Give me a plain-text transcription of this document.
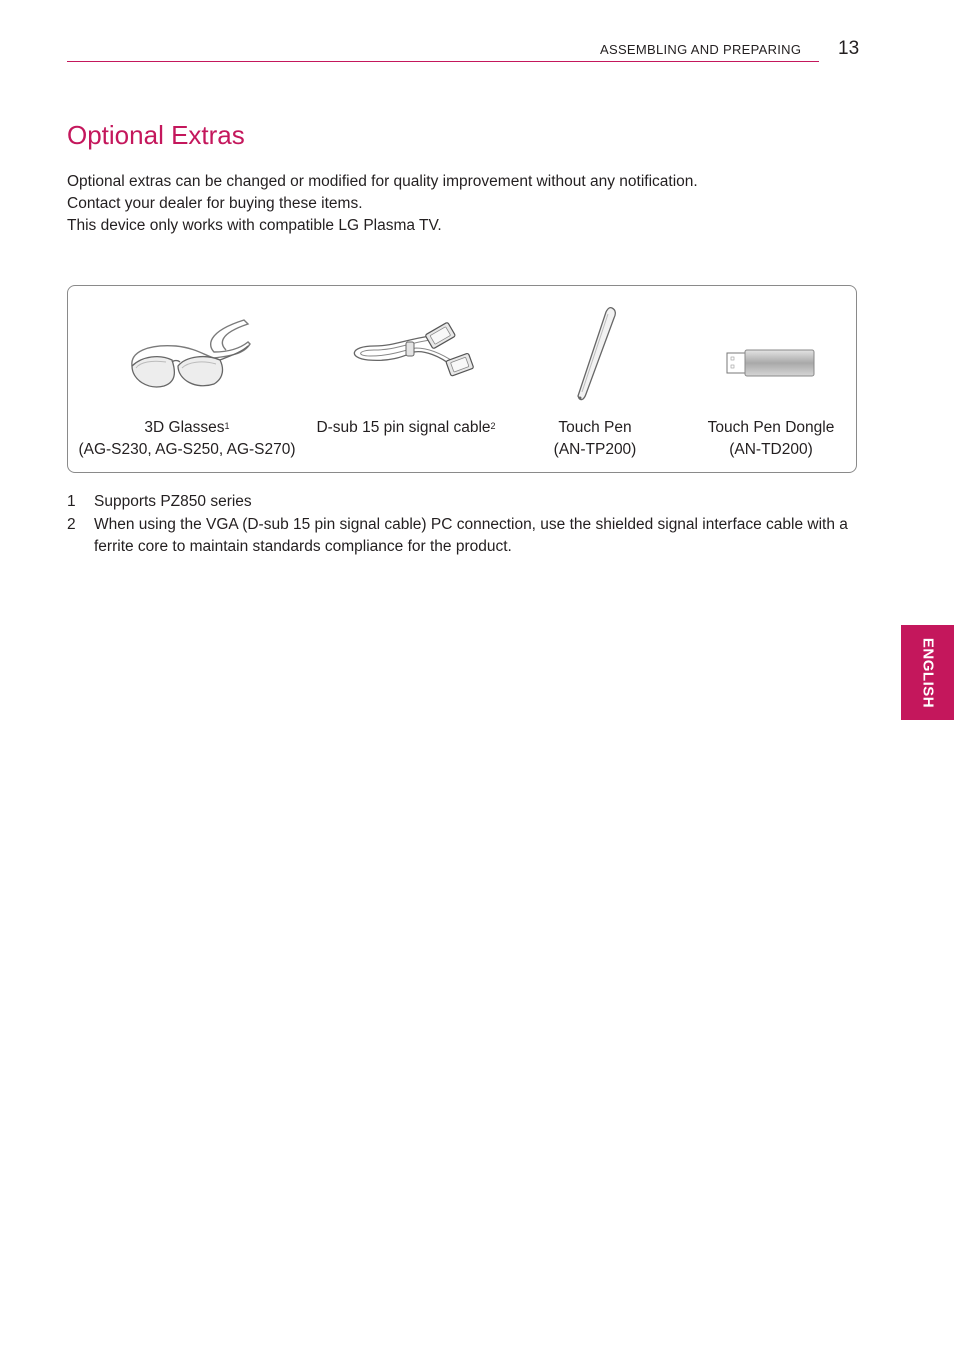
ASSEMBLING AND PREPARING 13
Optional Extras
Optional extras can be changed or modified for quality improvement without any notification.
Contact your dealer for buying these items.
This device only works with compatible LG Plasma TV.
3D Glasses$^1$
(AG-S230, AG-S250, AG-S270)
D-sub 15 pin signal cable$^2$	Touch Pen
(AN-TP200)
Touch Pen Dongle
(AN-TD200)
1 Supports PZ850 series
2 When using the VGA (D-sub 15 pin signal cable) PC connection, use the shielded signal interface cable with a ferrite core to maintain standards compliance for the product.
ENGLISH
